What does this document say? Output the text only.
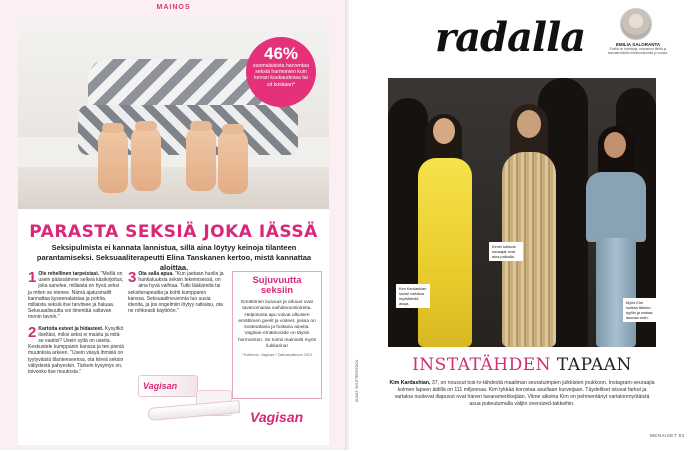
MAINOS
46%
suomalaisista harventaa seksiä harmonien kuin kerran kuukaudessa tai sit koskaan*
PARASTA SEKSIÄ JOKA IÄSSÄ
Seksipulmista ei kannata lannistua, sillä aina löytyy keinoja tilanteen parantamiseksi. Seksuaaliterapeutti Elina Tanskanen kertoo, mistä kannattaa aloittaa.
1 Ole rehellinen tarpeistasi. "Meillä on usein päässämme selkeä käsikirjoitus, joka sanelee, millaista on hyvä seksi ja miten se etenee. Nämä ajatusmallit kannattaa kyseenalaistaa ja pohtia, millaista seksiä itse tarvitsee ja haluaa. Seksuaalisuutta voi ilmentää valtavan monin tavoin."
2 Kartoita esteet ja hidasteet. Kysyitkö itseltäsi, miksi seksi ei maistu ja mitä se vaatisi? Usein syitä on useita. Keskustele kumppanin kanssa ja tee pieniä muutoksia arkeen. "Usein väsyä ihmisiä on tyytyväisiä tilanteeseensa, ota kiireä seksin väliydestä pahyeskin. Tärkein kysymys on, toivooko itse muutosta."
3 Ota salla apua. "Kun jaetaan huolia ja hankaluuksia seksin tekemisessä, on aina hyvä vaihtaa. Tutki lääkäreitä tai seksiterapeuttia ja kohti kumppanin kanssa. Seksuaalineuvonta tuo uusia ideoita, ja jos ongelmiin löytyy ratkaisu, ota ne rohkeasti käyttöön."
Sujuvuutta seksiin
Emättimen kuivuus ja arkuus ovat tavanomaisia vaihdevuosioireita. Helpotusta apu voivat ulkoisen emättimen geelit ja voiteet, joissa on kosteuttavia ja hoitavia aineita. Vagisan-emätinvoide on täysin hormoniton. Se toimii mainiosti myös liukkarina!
*Tutkimus: Vagisan / Taloustutkimus 2023
Vagisan
Vagisan
radalla	EMILIA SALORANTA
Emilia on toimittaja, seurannut tähtiä ja kansainvälistä viihdeuutisointia jo vuosia.
Kim Kardashian suosii vartaloa myötäileviä asuja.
Kimin tuttavat kuvaajat ovat aina paikalla.
Myös Kim luottaa tähden tyyliin ja nostaa asunsa esiin.
KUVAT: SHUTTERSTOCK	INSTATÄHDEN TAPAAN
Kim Kardashian, 37, on noussut tosi-tv-tähdestä maailman seuratuimpien julkkisten joukkoon. Instagram-seuraajia kolmen lapsen äidillä on 111 miljoonaa. Kim tykkää korostaa asuillaan kurveijaan. Täydelliset istuvat farkut ja vartaloa nuolevat iltapuvut ovat hänen tavaramerkkejään. Viime aikoina Kim on pehmentänyt vartalonmyötäistä asua pukeutumalla väljiin oversized-takkeihin.
MENAISET 93
